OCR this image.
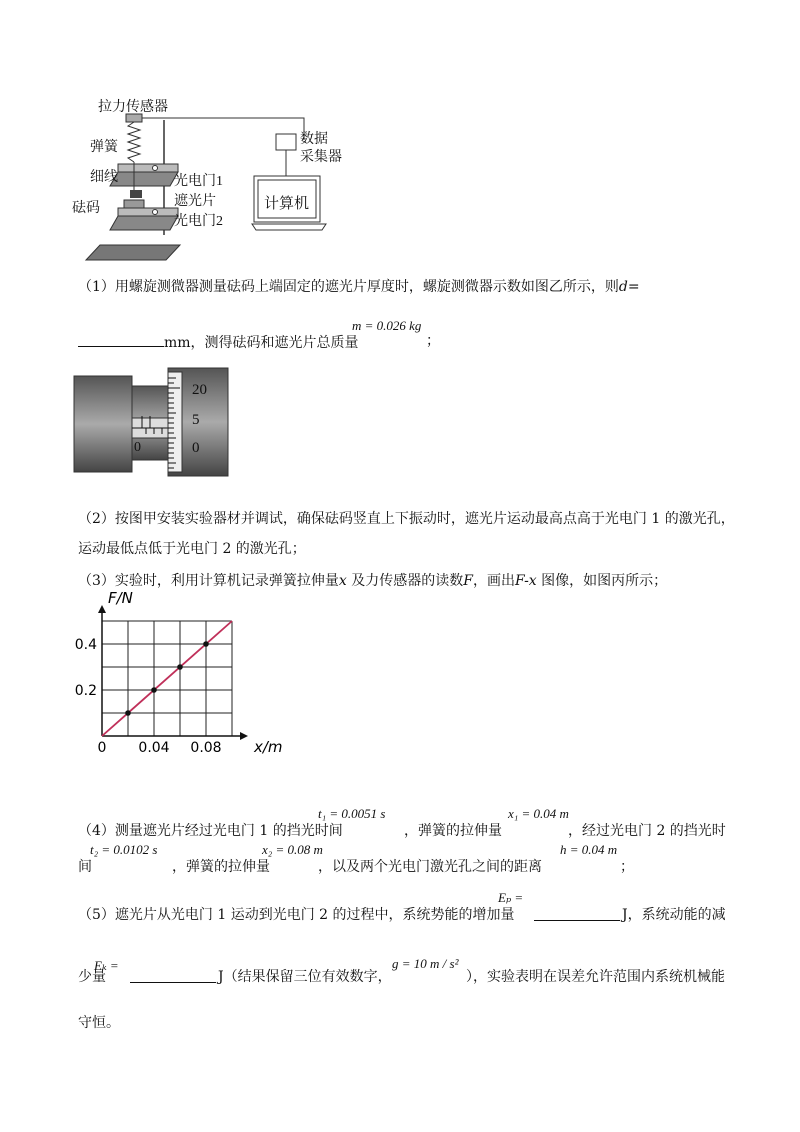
拉力传感器
弹簧
细线	光电门1
遮光片
砝码
光电门2
数据
采集器
计算机
（1）用螺旋测微器测量砝码上端固定的遮光片厚度时，螺旋测微器示数如图乙所示，则d=
m = 0.026 kg
mm，测得砝码和遮光片总质量	；
0
20
5
0
（2）按图甲安装实验器材并调试，确保砝码竖直上下振动时，遮光片运动最高点高于光电门 1 的激光孔，
运动最低点低于光电门 2 的激光孔；
（3）实验时，利用计算机记录弹簧拉伸量x 及力传感器的读数F，画出F-x 图像，如图丙所示；
0 0.04 0.08
0.2
0.4
x/m
F/N
（4）测量遮光片经过光电门 1 的挡光时间
t₁ = 0.0051 s
，弹簧的拉伸量
x₁ = 0.04 m
，经过光电门 2 的挡光时
间
t₂ = 0.0102 s
，弹簧的拉伸量
x₂ = 0.08 m
，以及两个光电门激光孔之间的距离
h = 0.04 m
；
（5）遮光片从光电门 1 运动到光电门 2 的过程中，系统势能的增加量
Eₚ =
J，系统动能的减
少量
Eₖ =
J（结果保留三位有效数字，
g = 10 m / s²
），实验表明在误差允许范围内系统机械能
守恒。
